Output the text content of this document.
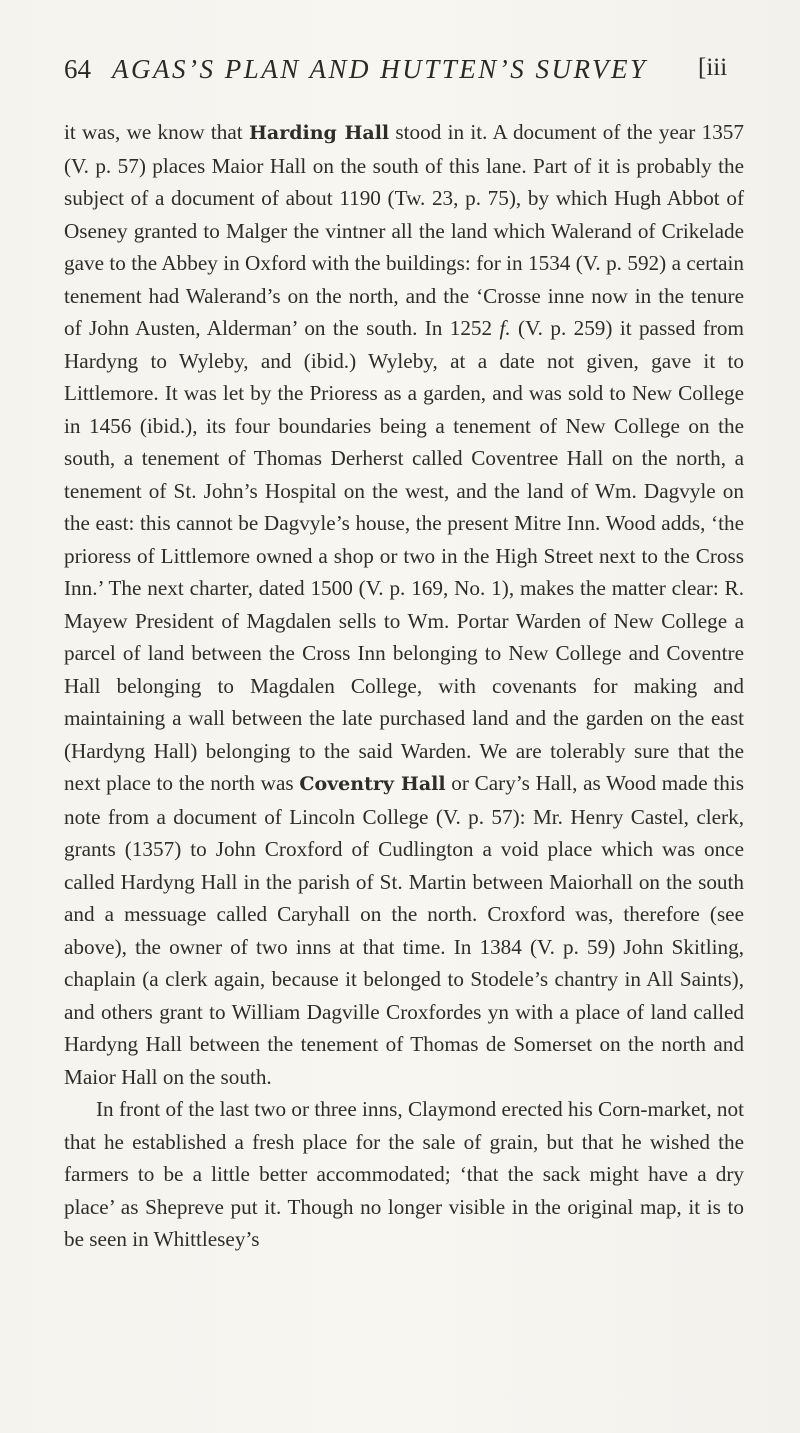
64 AGAS’S PLAN AND HUTTEN’S SURVEY [iii

it was, we know that Harding Hall stood in it. A document of the year 1357 (V. p. 57) places Maior Hall on the south of this lane. Part of it is probably the subject of a document of about 1190 (Tw. 23, p. 75), by which Hugh Abbot of Oseney granted to Malger the vintner all the land which Walerand of Crikelade gave to the Abbey in Oxford with the buildings: for in 1534 (V. p. 592) a certain tenement had Walerand’s on the north, and the ‘Crosse inne now in the tenure of John Austen, Alderman’ on the south. In 1252 f. (V. p. 259) it passed from Hardyng to Wyleby, and (ibid.) Wyleby, at a date not given, gave it to Littlemore. It was let by the Prioress as a garden, and was sold to New College in 1456 (ibid.), its four boundaries being a tenement of New College on the south, a tenement of Thomas Derherst called Coventree Hall on the north, a tenement of St. John’s Hospital on the west, and the land of Wm. Dagvyle on the east: this cannot be Dagvyle’s house, the present Mitre Inn. Wood adds, ‘the prioress of Littlemore owned a shop or two in the High Street next to the Cross Inn.’ The next charter, dated 1500 (V. p. 169, No. 1), makes the matter clear: R. Mayew President of Magdalen sells to Wm. Portar Warden of New College a parcel of land between the Cross Inn belonging to New College and Coventre Hall belonging to Magdalen College, with covenants for making and maintaining a wall between the late purchased land and the garden on the east (Hardyng Hall) belonging to the said Warden. We are tolerably sure that the next place to the north was Coventry Hall or Cary’s Hall, as Wood made this note from a document of Lincoln College (V. p. 57): Mr. Henry Castel, clerk, grants (1357) to John Croxford of Cudlington a void place which was once called Hardyng Hall in the parish of St. Martin between Maiorhall on the south and a messuage called Caryhall on the north. Croxford was, therefore (see above), the owner of two inns at that time. In 1384 (V. p. 59) John Skitling, chaplain (a clerk again, because it belonged to Stodele’s chantry in All Saints), and others grant to William Dagville Croxfordes yn with a place of land called Hardyng Hall between the tenement of Thomas de Somerset on the north and Maior Hall on the south.

In front of the last two or three inns, Claymond erected his Corn-market, not that he established a fresh place for the sale of grain, but that he wished the farmers to be a little better accommodated; ‘that the sack might have a dry place’ as Shepreve put it. Though no longer visible in the original map, it is to be seen in Whittlesey’s
